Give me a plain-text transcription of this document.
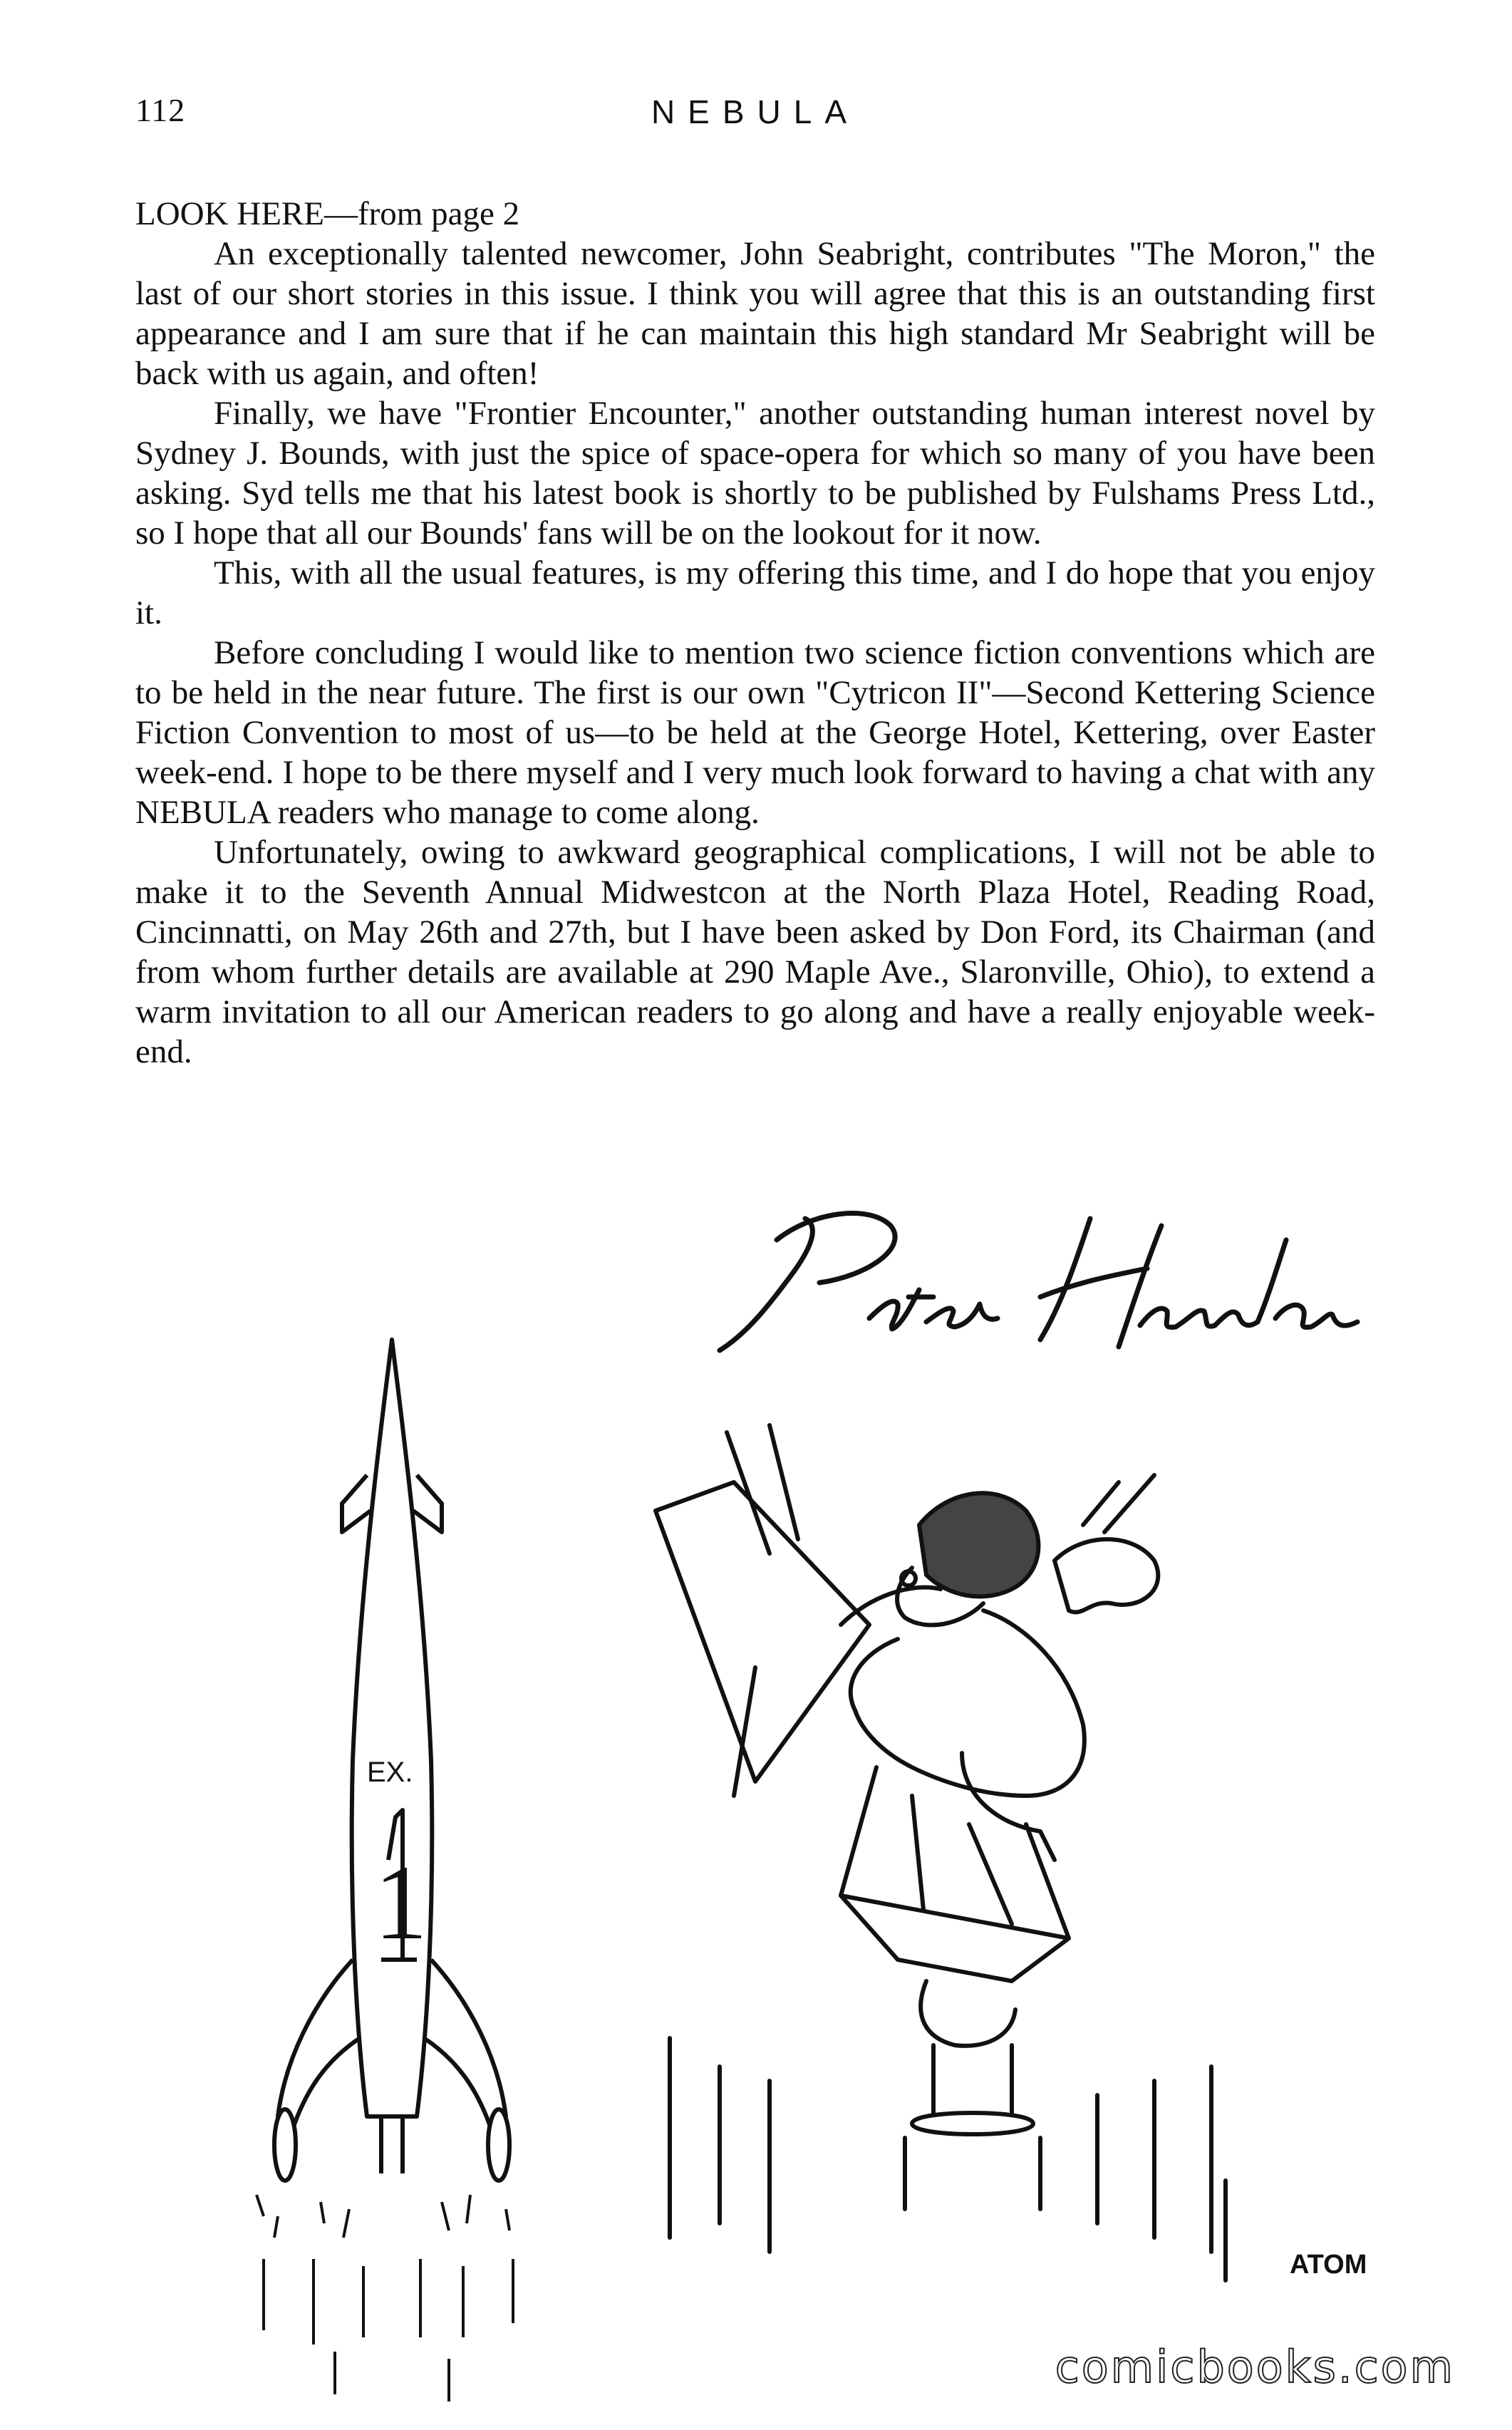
112	NEBULA
LOOK HERE—from page 2

An exceptionally talented newcomer, John Seabright, contributes "The Moron," the last of our short stories in this issue. I think you will agree that this is an outstanding first appearance and I am sure that if he can maintain this high standard Mr Seabright will be back with us again, and often!

Finally, we have "Frontier Encounter," another outstanding human interest novel by Sydney J. Bounds, with just the spice of space-opera for which so many of you have been asking. Syd tells me that his latest book is shortly to be published by Fulshams Press Ltd., so I hope that all our Bounds' fans will be on the lookout for it now.

This, with all the usual features, is my offering this time, and I do hope that you enjoy it.

Before concluding I would like to mention two science fiction conventions which are to be held in the near future. The first is our own "Cytricon II"—Second Kettering Science Fiction Convention to most of us—to be held at the George Hotel, Kettering, over Easter week-end. I hope to be there myself and I very much look forward to having a chat with any NEBULA readers who manage to come along.

Unfortunately, owing to awkward geographical complications, I will not be able to make it to the Seventh Annual Midwestcon at the North Plaza Hotel, Reading Road, Cincinnatti, on May 26th and 27th, but I have been asked by Don Ford, its Chairman (and from whom further details are available at 290 Maple Ave., Slaronville, Ohio), to extend a warm invitation to all our American readers to go along and have a really enjoyable week-end.

EX.
1
ATOM
comicbooks.com
